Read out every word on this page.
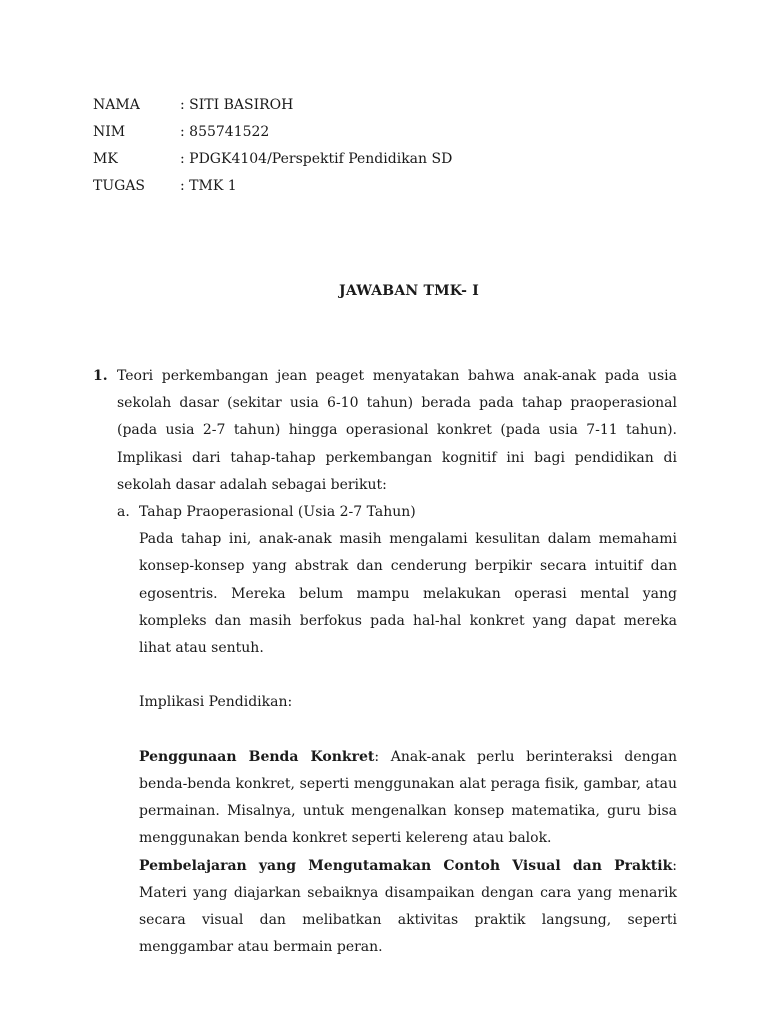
NAMA	: SITI BASIROH
NIM	: 855741522
MK	: PDGK4104/Perspektif Pendidikan SD
TUGAS	: TMK 1
JAWABAN TMK- I
1. Teori perkembangan jean peaget menyatakan bahwa anak-anak pada usia sekolah dasar (sekitar usia 6-10 tahun) berada pada tahap praoperasional (pada usia 2-7 tahun) hingga operasional konkret (pada usia 7-11 tahun). Implikasi dari tahap-tahap perkembangan kognitif ini bagi pendidikan di sekolah dasar adalah sebagai berikut:

a. Tahap Praoperasional (Usia 2-7 Tahun)

Pada tahap ini, anak-anak masih mengalami kesulitan dalam memahami konsep-konsep yang abstrak dan cenderung berpikir secara intuitif dan egosentris. Mereka belum mampu melakukan operasi mental yang kompleks dan masih berfokus pada hal-hal konkret yang dapat mereka lihat atau sentuh.

Implikasi Pendidikan:

Penggunaan Benda Konkret: Anak-anak perlu berinteraksi dengan benda-benda konkret, seperti menggunakan alat peraga fisik, gambar, atau permainan. Misalnya, untuk mengenalkan konsep matematika, guru bisa menggunakan benda konkret seperti kelereng atau balok.

Pembelajaran yang Mengutamakan Contoh Visual dan Praktik: Materi yang diajarkan sebaiknya disampaikan dengan cara yang menarik secara visual dan melibatkan aktivitas praktik langsung, seperti menggambar atau bermain peran.
